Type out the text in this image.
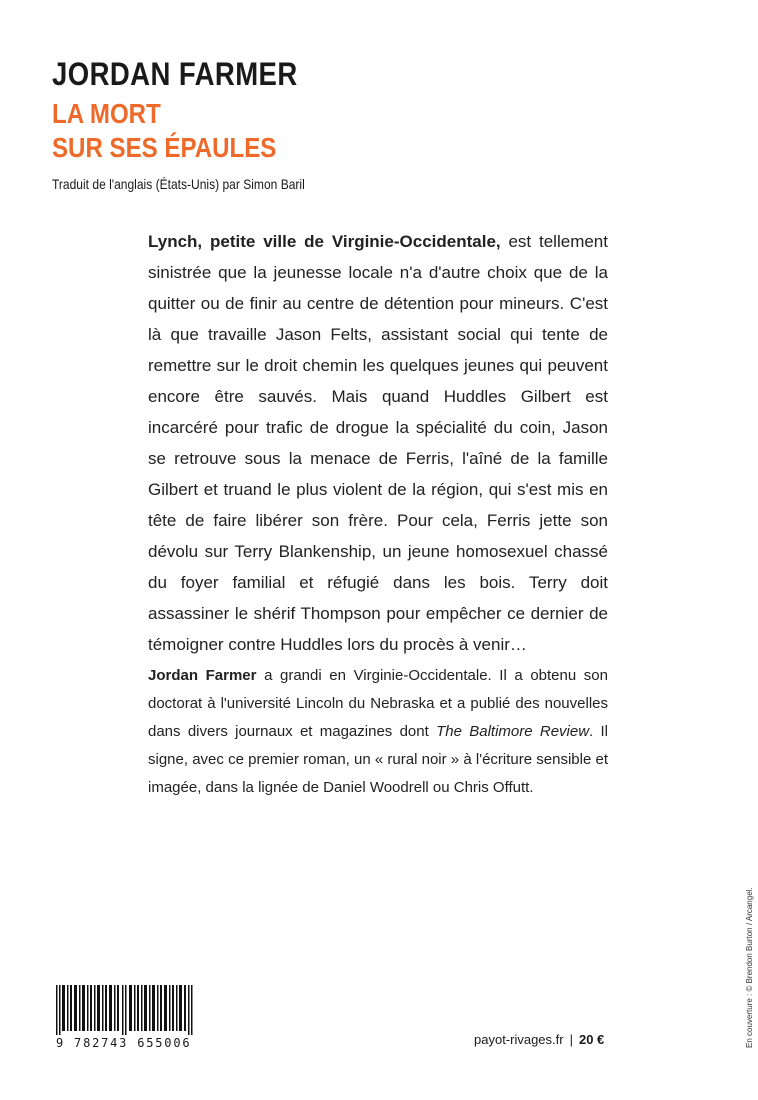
JORDAN FARMER
LA MORT
SUR SES ÉPAULES
Traduit de l'anglais (États-Unis) par Simon Baril

Lynch, petite ville de Virginie-Occidentale, est tellement sinistrée que la jeunesse locale n'a d'autre choix que de la quitter ou de finir au centre de détention pour mineurs. C'est là que travaille Jason Felts, assistant social qui tente de remettre sur le droit chemin les quelques jeunes qui peuvent encore être sauvés. Mais quand Huddles Gilbert est incarcéré pour trafic de drogue la spécialité du coin, Jason se retrouve sous la menace de Ferris, l'aîné de la famille Gilbert et truand le plus violent de la région, qui s'est mis en tête de faire libérer son frère. Pour cela, Ferris jette son dévolu sur Terry Blankenship, un jeune homosexuel chassé du foyer familial et réfugié dans les bois. Terry doit assassiner le shérif Thompson pour empêcher ce dernier de témoigner contre Huddles lors du procès à venir…

Jordan Farmer a grandi en Virginie-Occidentale. Il a obtenu son doctorat à l'université Lincoln du Nebraska et a publié des nouvelles dans divers journaux et magazines dont The Baltimore Review. Il signe, avec ce premier roman, un « rural noir » à l'écriture sensible et imagée, dans la lignée de Daniel Woodrell ou Chris Offutt.

9 782743 655006	payot-rivages.fr | 20 €	En couverture : © Brendon Burton / Arcangel.
